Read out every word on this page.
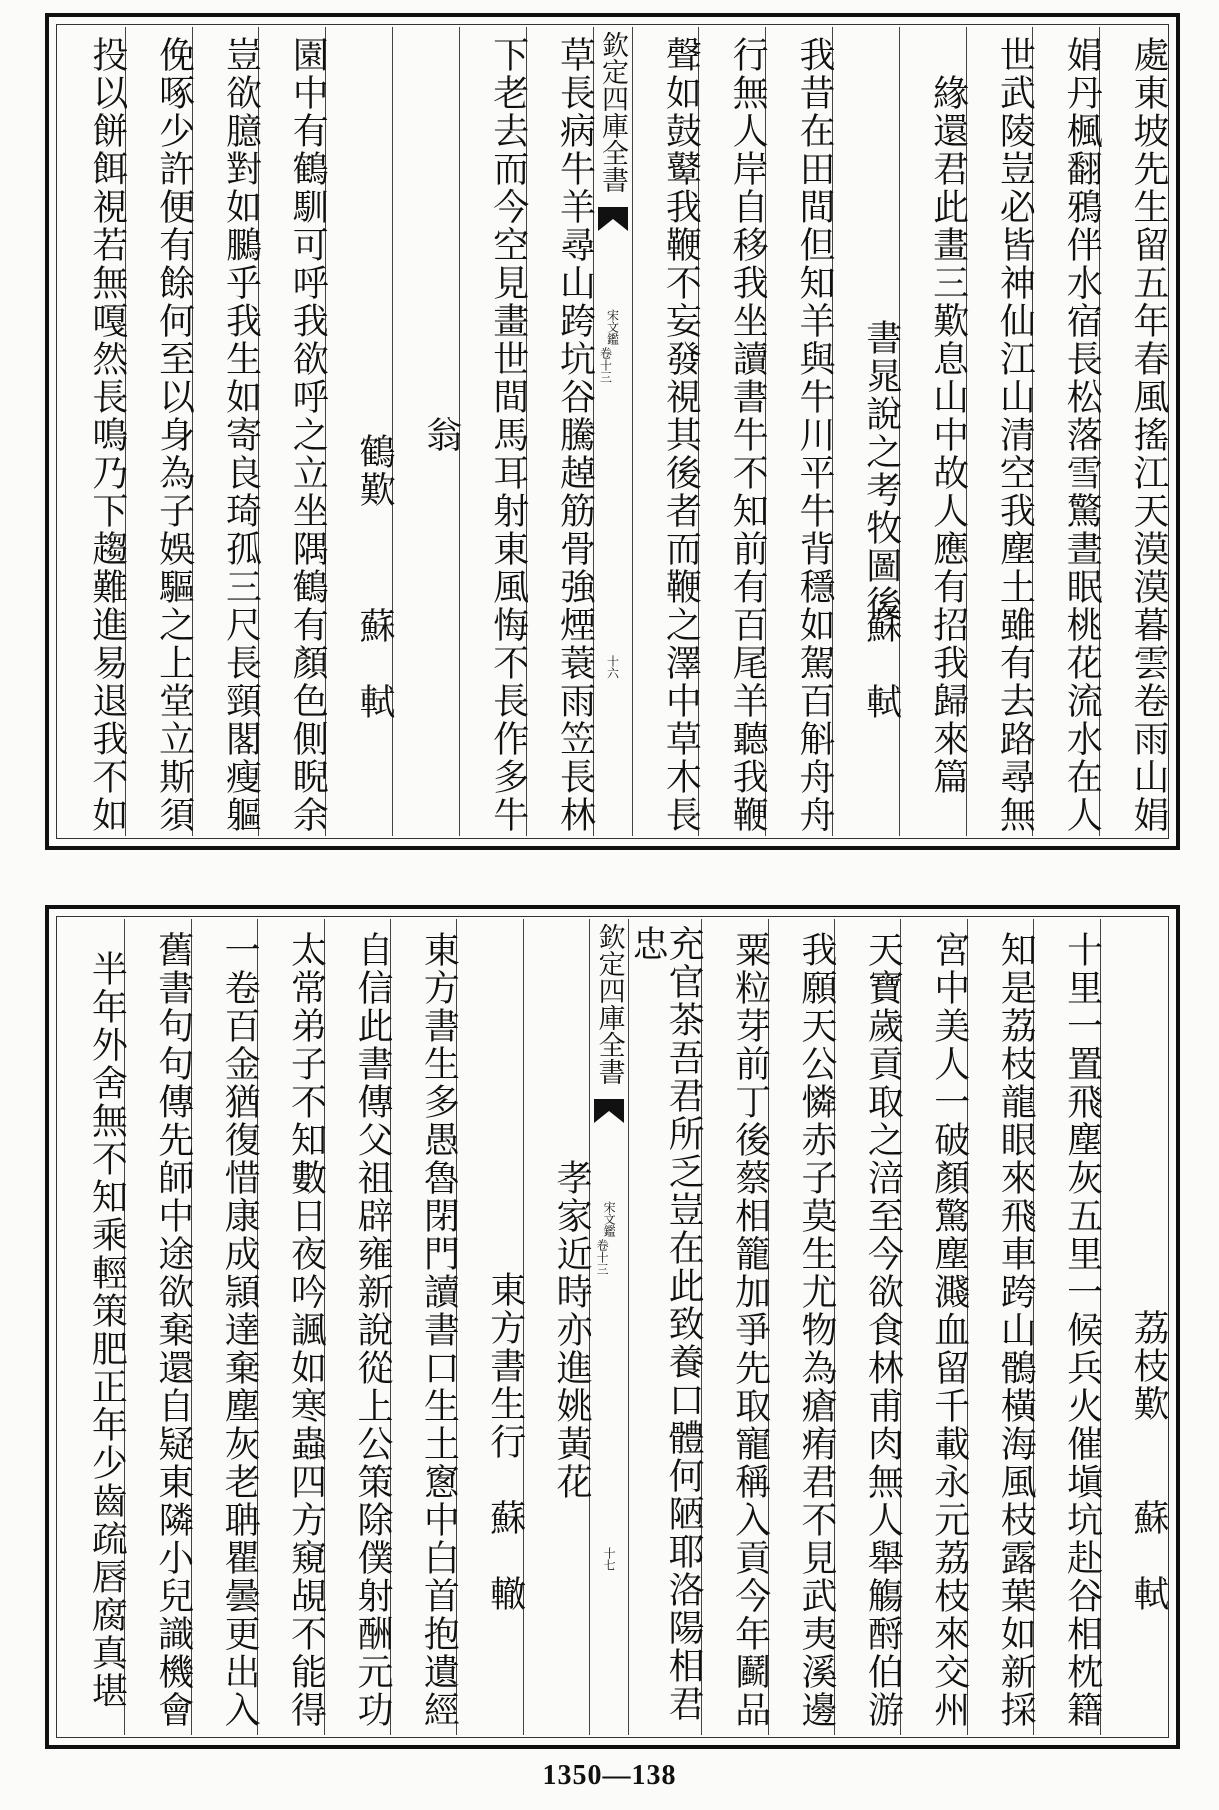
處東坡先生留五年春風搖江天漠漠暮雲卷雨山娟
娟丹楓翻鴉伴水宿長松落雪驚晝眠桃花流水在人
世武陵豈必皆神仙江山清空我塵土雖有去路尋無
緣還君此畫三歎息山中故人應有招我歸來篇
書晁說之考牧圖後
蘇　軾
我昔在田間但知羊與牛川平牛背穩如駕百斛舟舟
行無人岸自移我坐讀書牛不知前有百尾羊聽我鞭
聲如鼓鼙我鞭不妄發視其後者而鞭之澤中草木長
欽定四庫全書
宋文鑑
卷十三
十六
草長病牛羊尋山跨坑谷騰趠筋骨強煙蓑雨笠長林
下老去而今空見畫世間馬耳射東風悔不長作多牛
翁
鶴歎
蘇　軾
園中有鶴馴可呼我欲呼之立坐隅鶴有顏色側睨余
豈欲臆對如鵩乎我生如寄良琦孤三尺長頸閣瘦軀
俛啄少許便有餘何至以身為子娛驅之上堂立斯須
投以餅餌視若無嘎然長鳴乃下趨難進易退我不如
荔枝歎
蘇　軾
十里一置飛塵灰五里一候兵火催塡坑赴谷相枕籍
知是荔枝龍眼來飛車跨山鶻橫海風枝露葉如新採
宮中美人一破顏驚塵濺血留千載永元荔枝來交州
天寶歲貢取之涪至今欲食林甫肉無人舉觴酹伯游
我願天公憐赤子莫生尤物為瘡痏君不見武夷溪邊
粟粒芽前丁後蔡相籠加爭先取寵稱入貢今年鬬品
充官茶吾君所乏豈在此致養口體何陋耶洛陽相君忠
欽定四庫全書
宋文鑑
卷十三
十七
孝家近時亦進姚黃花
東方書生行
蘇　轍
東方書生多愚魯閉門讀書口生土窻中白首抱遺經
自信此書傳父祖辟雍新說從上公策除僕射酬元功
太常弟子不知數日夜吟諷如寒蟲四方窺覘不能得
一卷百金猶復惜康成頴達棄塵灰老聃瞿曇更出入
舊書句句傳先師中途欲棄還自疑東隣小兒識機會
半年外舍無不知乘輕策肥正年少齒疏唇腐真堪
1350—138
